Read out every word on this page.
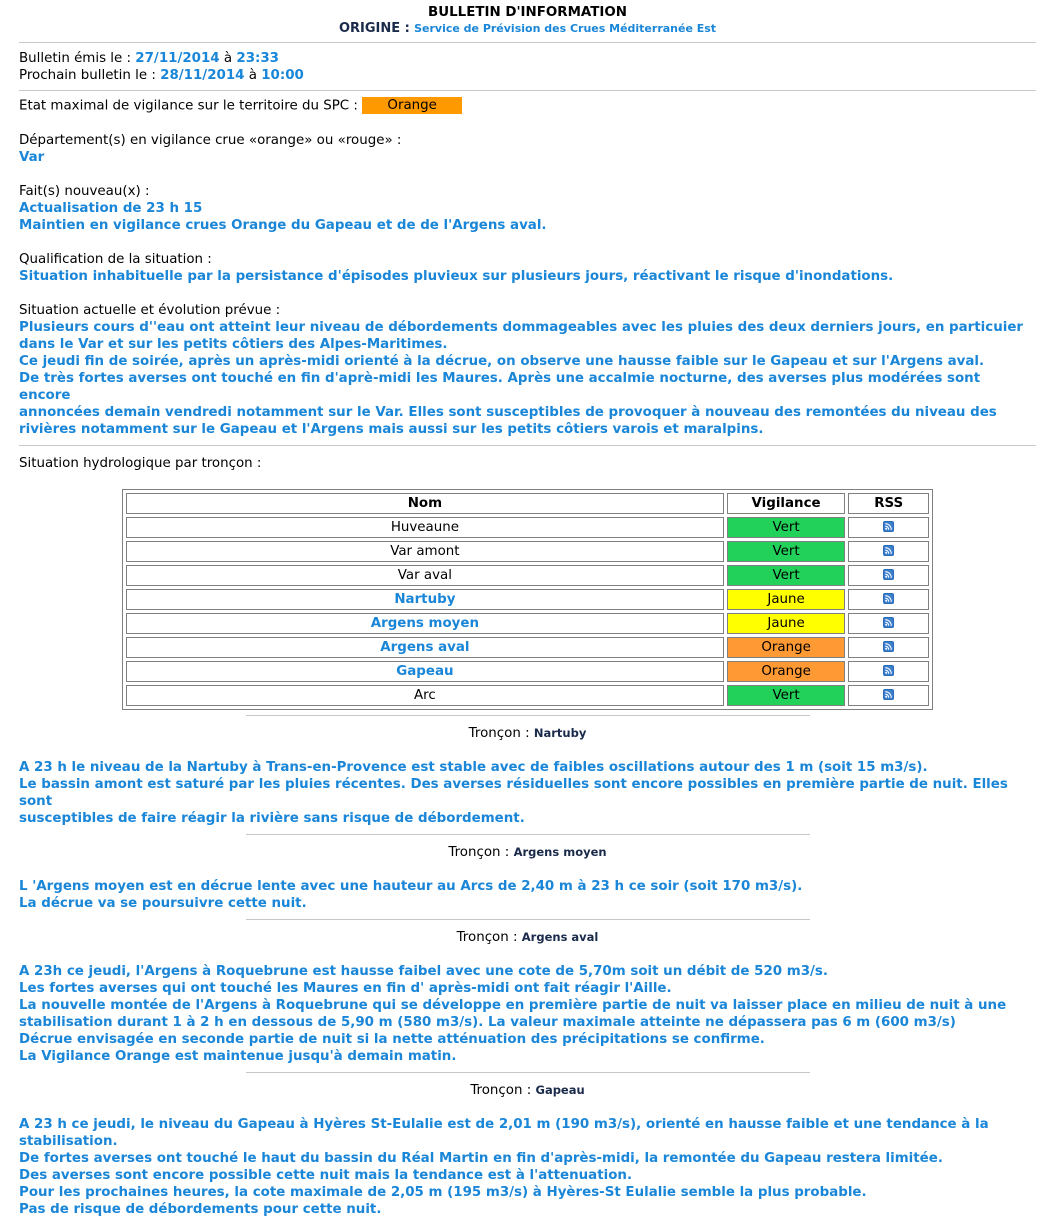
BULLETIN D'INFORMATION
ORIGINE : Service de Prévision des Crues Méditerranée Est
Bulletin émis le : 27/11/2014 à 23:33
Prochain bulletin le : 28/11/2014 à 10:00
Etat maximal de vigilance sur le territoire du SPC : Orange
Département(s) en vigilance crue «orange» ou «rouge» :
Var
Fait(s) nouveau(x) :
Actualisation de 23 h 15
Maintien en vigilance crues Orange du Gapeau et de de l'Argens aval.
Qualification de la situation :
Situation inhabituelle par la persistance d'épisodes pluvieux sur plusieurs jours, réactivant le risque d'inondations.
Situation actuelle et évolution prévue :
Plusieurs cours d''eau ont atteint leur niveau de débordements dommageables avec les pluies des deux derniers jours, en particuier
dans le Var et sur les petits côtiers des Alpes-Maritimes.
Ce jeudi fin de soirée, après un après-midi orienté à la décrue, on observe une hausse faible sur le Gapeau et sur l'Argens aval.
De très fortes averses ont touché en fin d'aprè-midi les Maures. Après une accalmie nocturne, des averses plus modérées sont encore
annoncées demain vendredi notamment sur le Var. Elles sont susceptibles de provoquer à nouveau des remontées du niveau des
rivières notamment sur le Gapeau et l'Argens mais aussi sur les petits côtiers varois et maralpins.
Situation hydrologique par tronçon :
Nom	Vigilance	RSS
Huveaune	Vert	

Var amont	Vert	

Var aval	Vert	

Nartuby	Jaune	

Argens moyen	Jaune	

Argens aval	Orange	

Gapeau	Orange	

Arc	Vert	
Tronçon : Nartuby
A 23 h le niveau de la Nartuby à Trans-en-Provence est stable avec de faibles oscillations autour des 1 m (soit 15 m3/s).
Le bassin amont est saturé par les pluies récentes. Des averses résiduelles sont encore possibles en première partie de nuit. Elles sont
susceptibles de faire réagir la rivière sans risque de débordement.
Tronçon : Argens moyen
L 'Argens moyen est en décrue lente avec une hauteur au Arcs de 2,40 m à 23 h ce soir (soit 170 m3/s).
La décrue va se poursuivre cette nuit.
Tronçon : Argens aval
A 23h ce jeudi, l'Argens à Roquebrune est hausse faibel avec une cote de 5,70m soit un débit de 520 m3/s.
Les fortes averses qui ont touché les Maures en fin d' après-midi ont fait réagir l'Aille.
La nouvelle montée de l'Argens à Roquebrune qui se développe en première partie de nuit va laisser place en milieu de nuit à une
stabilisation durant 1 à 2 h en dessous de 5,90 m (580 m3/s). La valeur maximale atteinte ne dépassera pas 6 m (600 m3/s)
Décrue envisagée en seconde partie de nuit si la nette atténuation des précipitations se confirme.
La Vigilance Orange est maintenue jusqu'à demain matin.
Tronçon : Gapeau
A 23 h ce jeudi, le niveau du Gapeau à Hyères St-Eulalie est de 2,01 m (190 m3/s), orienté en hausse faible et une tendance à la
stabilisation.
De fortes averses ont touché le haut du bassin du Réal Martin en fin d'après-midi, la remontée du Gapeau restera limitée.
Des averses sont encore possible cette nuit mais la tendance est à l'attenuation.
Pour les prochaines heures, la cote maximale de 2,05 m (195 m3/s) à Hyères-St Eulalie semble la plus probable.
Pas de risque de débordements pour cette nuit.
